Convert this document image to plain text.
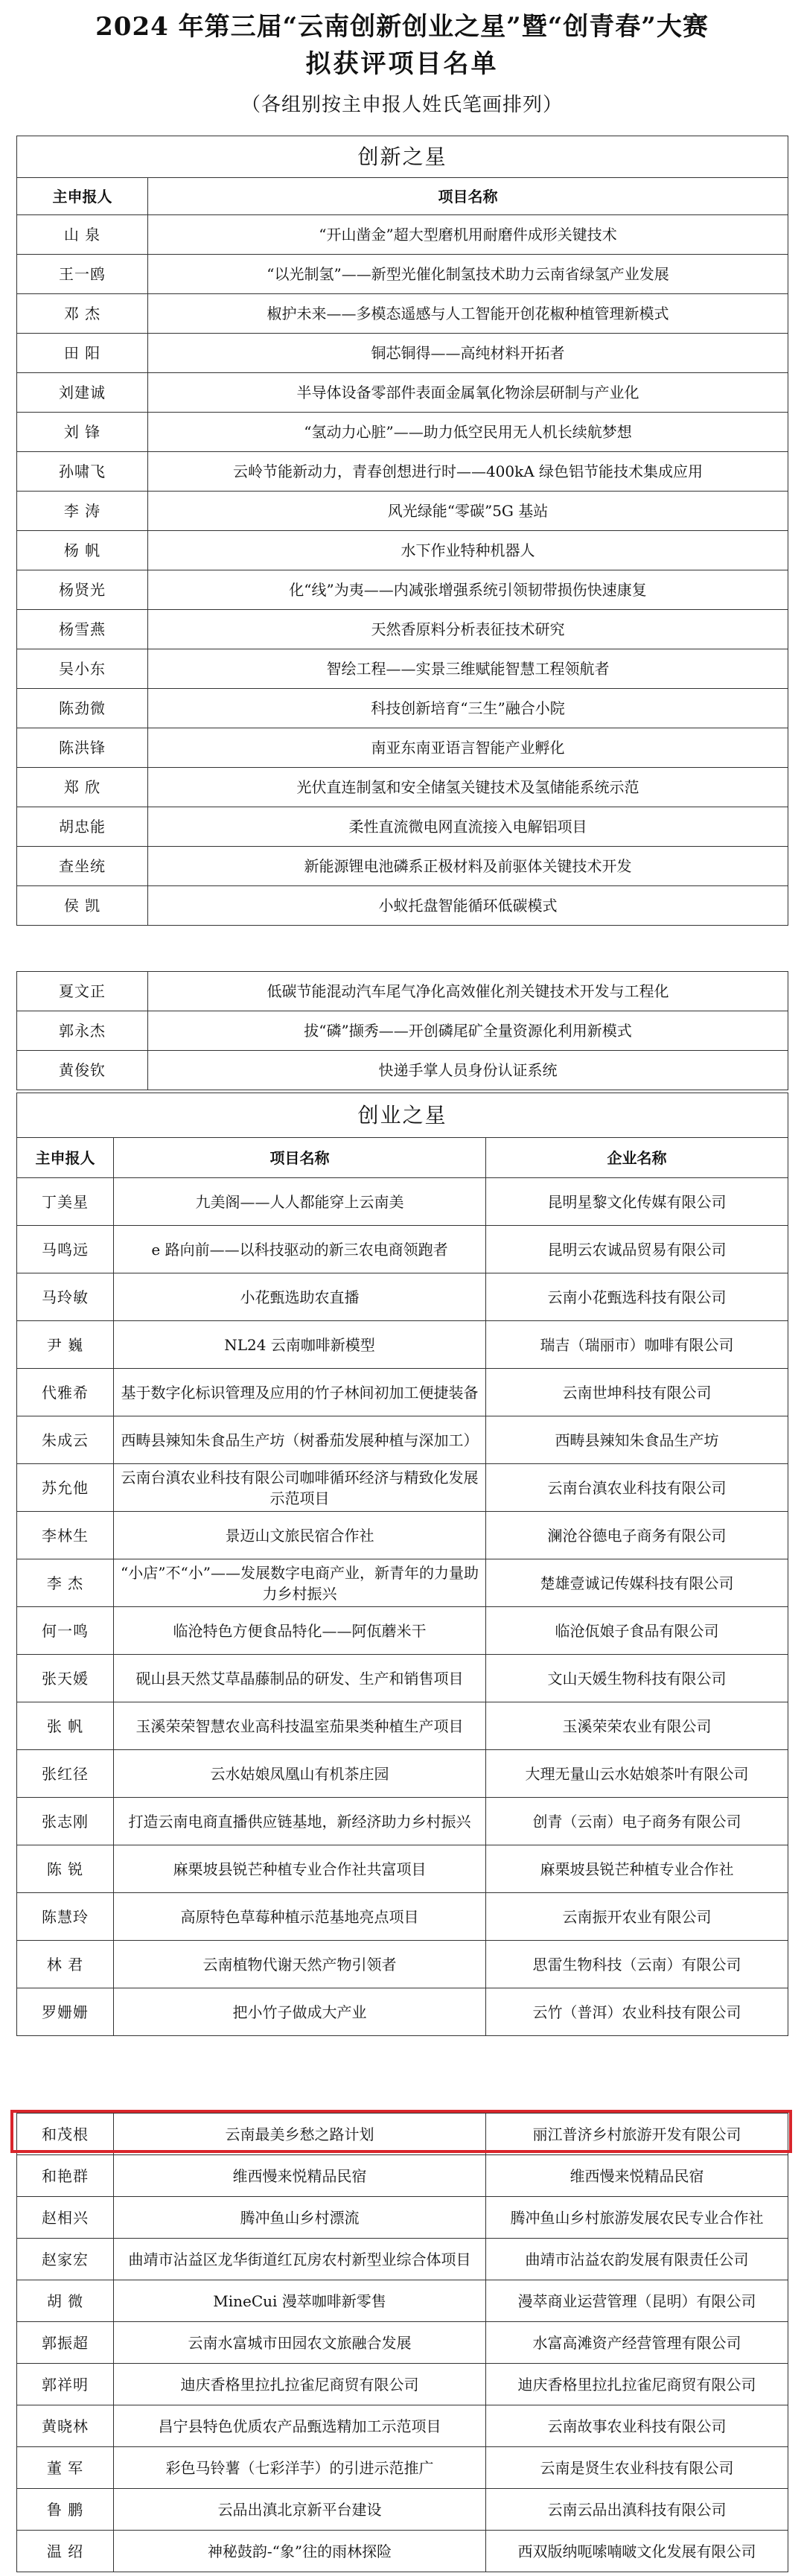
2024 年第三届“云南创新创业之星”暨“创青春”大赛
拟获评项目名单
（各组别按主申报人姓氏笔画排列）
创新之星	
主申报人	项目名称
山 泉	“开山凿金”超大型磨机用耐磨件成形关键技术
王一鸥	“以光制氢”——新型光催化制氢技术助力云南省绿氢产业发展
邓 杰	椒护未来——多模态遥感与人工智能开创花椒种植管理新模式
田 阳	铜芯铜得——高纯材料开拓者
刘建诚	半导体设备零部件表面金属氧化物涂层研制与产业化
刘 锋	“氢动力心脏”——助力低空民用无人机长续航梦想
孙啸飞	云岭节能新动力，青春创想进行时——400kA 绿色铝节能技术集成应用
李 涛	风光绿能“零碳”5G 基站
杨 帆	水下作业特种机器人
杨贤光	化“线”为夷——内减张增强系统引领韧带损伤快速康复
杨雪燕	天然香原料分析表征技术研究
吴小东	智绘工程——实景三维赋能智慧工程领航者
陈劲微	科技创新培育“三生”融合小院
陈洪锋	南亚东南亚语言智能产业孵化
郑 欣	光伏直连制氢和安全储氢关键技术及氢储能系统示范
胡忠能	柔性直流微电网直流接入电解铝项目
查坐统	新能源锂电池磷系正极材料及前驱体关键技术开发
侯 凯	小蚁托盘智能循环低碳模式
夏文正	低碳节能混动汽车尾气净化高效催化剂关键技术开发与工程化
郭永杰	拔“磷”撷秀——开创磷尾矿全量资源化利用新模式
黄俊钦	快递手掌人员身份认证系统
创业之星		
主申报人	项目名称	企业名称
丁美星	九美阁——人人都能穿上云南美	昆明星黎文化传媒有限公司
马鸣远	e 路向前——以科技驱动的新三农电商领跑者	昆明云农诚品贸易有限公司
马玲敏	小花甄选助农直播	云南小花甄选科技有限公司
尹 巍	NL24 云南咖啡新模型	瑞吉（瑞丽市）咖啡有限公司
代雅希	基于数字化标识管理及应用的竹子林间初加工便捷装备	云南世坤科技有限公司
朱成云	西畴县辣知朱食品生产坊（树番茄发展种植与深加工）	西畴县辣知朱食品生产坊
苏允他	云南台滇农业科技有限公司咖啡循环经济与精致化发展示范项目	云南台滇农业科技有限公司
李林生	景迈山文旅民宿合作社	澜沧谷德电子商务有限公司
李 杰	“小店”不“小”——发展数字电商产业，新青年的力量助力乡村振兴	楚雄壹诚记传媒科技有限公司
何一鸣	临沧特色方便食品特化——阿佤蘑米干	临沧佤娘子食品有限公司
张天媛	砚山县天然艾草晶藤制品的研发、生产和销售项目	文山天媛生物科技有限公司
张 帆	玉溪荣荣智慧农业高科技温室茄果类种植生产项目	玉溪荣荣农业有限公司
张红径	云水姑娘凤凰山有机茶庄园	大理无量山云水姑娘茶叶有限公司
张志刚	打造云南电商直播供应链基地，新经济助力乡村振兴	创青（云南）电子商务有限公司
陈 锐	麻栗坡县锐芒种植专业合作社共富项目	麻栗坡县锐芒种植专业合作社
陈慧玲	高原特色草莓种植示范基地亮点项目	云南振开农业有限公司
林 君	云南植物代谢天然产物引领者	思雷生物科技（云南）有限公司
罗姗姗	把小竹子做成大产业	云竹（普洱）农业科技有限公司
和茂根	云南最美乡愁之路计划	丽江普济乡村旅游开发有限公司
和艳群	维西慢来悦精品民宿	维西慢来悦精品民宿
赵相兴	腾冲鱼山乡村漂流	腾冲鱼山乡村旅游发展农民专业合作社
赵家宏	曲靖市沾益区龙华街道红瓦房农村新型业综合体项目	曲靖市沾益农韵发展有限责任公司
胡 微	MineCui 漫萃咖啡新零售	漫萃商业运营管理（昆明）有限公司
郭振超	云南水富城市田园农文旅融合发展	水富高滩资产经营管理有限公司
郭祥明	迪庆香格里拉扎拉雀尼商贸有限公司	迪庆香格里拉扎拉雀尼商贸有限公司
黄晓林	昌宁县特色优质农产品甄选精加工示范项目	云南故事农业科技有限公司
董 军	彩色马铃薯（七彩洋芋）的引进示范推广	云南是贤生农业科技有限公司
鲁 鹏	云品出滇北京新平台建设	云南云品出滇科技有限公司
温 绍	神秘鼓韵-“象”往的雨林探险	西双版纳呃嗦喃啵文化发展有限公司
